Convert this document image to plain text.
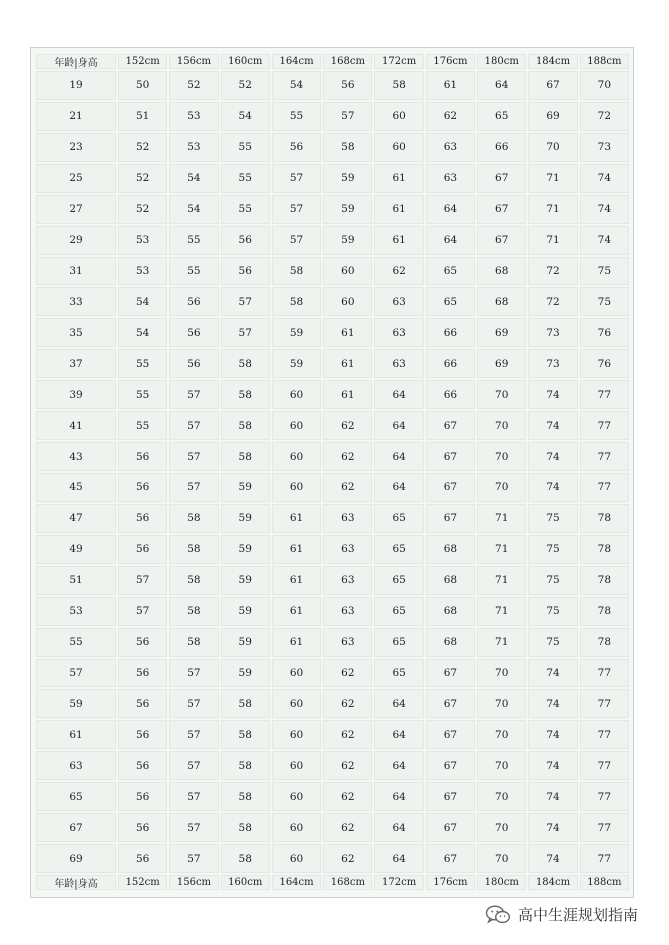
年龄|身高	152cm	156cm	160cm	164cm	168cm	172cm	176cm	180cm	184cm	188cm
19	50	52	52	54	56	58	61	64	67	70
21	51	53	54	55	57	60	62	65	69	72
23	52	53	55	56	58	60	63	66	70	73
25	52	54	55	57	59	61	63	67	71	74
27	52	54	55	57	59	61	64	67	71	74
29	53	55	56	57	59	61	64	67	71	74
31	53	55	56	58	60	62	65	68	72	75
33	54	56	57	58	60	63	65	68	72	75
35	54	56	57	59	61	63	66	69	73	76
37	55	56	58	59	61	63	66	69	73	76
39	55	57	58	60	61	64	66	70	74	77
41	55	57	58	60	62	64	67	70	74	77
43	56	57	58	60	62	64	67	70	74	77
45	56	57	59	60	62	64	67	70	74	77
47	56	58	59	61	63	65	67	71	75	78
49	56	58	59	61	63	65	68	71	75	78
51	57	58	59	61	63	65	68	71	75	78
53	57	58	59	61	63	65	68	71	75	78
55	56	58	59	61	63	65	68	71	75	78
57	56	57	59	60	62	65	67	70	74	77
59	56	57	58	60	62	64	67	70	74	77
61	56	57	58	60	62	64	67	70	74	77
63	56	57	58	60	62	64	67	70	74	77
65	56	57	58	60	62	64	67	70	74	77
67	56	57	58	60	62	64	67	70	74	77
69	56	57	58	60	62	64	67	70	74	77
年龄|身高	152cm	156cm	160cm	164cm	168cm	172cm	176cm	180cm	184cm	188cm
高中生涯规划指南
